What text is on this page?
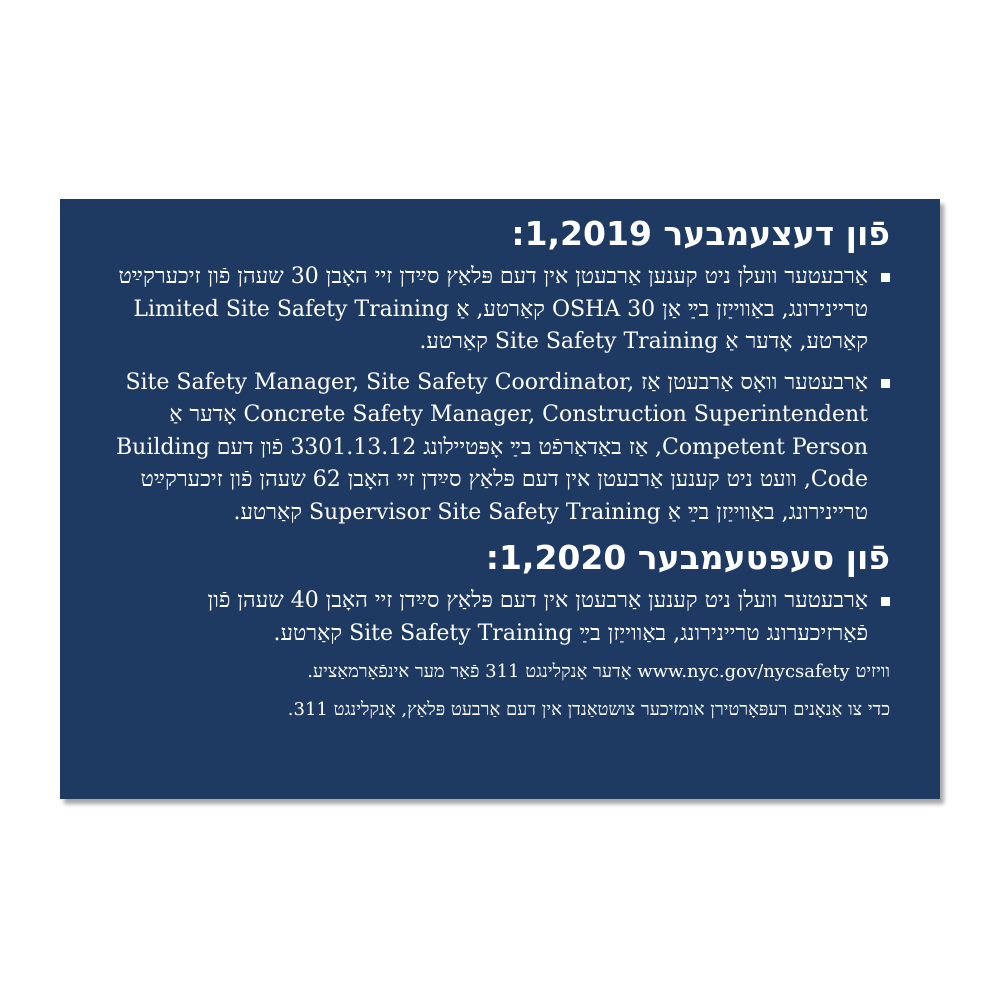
פֿון דעצעמבער 1,2019:
אַרבעטער וועלן ניט קענען אַרבעטן אין דעם פּלאַץ סײַדן זיי האָבן 30 שעהן פֿון זיכערקײַט טריינירונג, באַווייַזן בײַ אַן OSHA 30 קאַרטע, אַ Limited Site Safety Training קאַרטע, אָדער אַ Site Safety Training קאַרטע.
אַרבעטער וואָס אַרבעטן אַז Site Safety Manager, Site Safety Coordinator, Concrete Safety Manager, Construction Superintendent אָדער אַ Competent Person, אַז באַדאַרפֿט בײַ אָפּטיילונג 3301.13.12 פֿון דעם Building Code, וועט ניט קענען אַרבעטן אין דעם פּלאַץ סײַדן זיי האָבן 62 שעהן פֿון זיכערקײַט טריינירונג, באַווייַזן בײַ אַ Supervisor Site Safety Training קאַרטע.
פֿון סעפּטעמבער 1,2020:
אַרבעטער וועלן ניט קענען אַרבעטן אין דעם פּלאַץ סײַדן זיי האָבן 40 שעהן פֿון פֿאַרזיכערונג טריינירונג, באַווייַזן בײַ Site Safety Training קאַרטע.
וויזיט www.nyc.gov/nycsafety אָדער אָנקלינגט 311 פֿאַר מער אינפֿאָרמאַציע.
כדי צו אַנאָנים רעפּאָרטירן אומזיכער צושטאַנדן אין דעם אַרבעט פּלאַץ, אָנקלינגט 311.
